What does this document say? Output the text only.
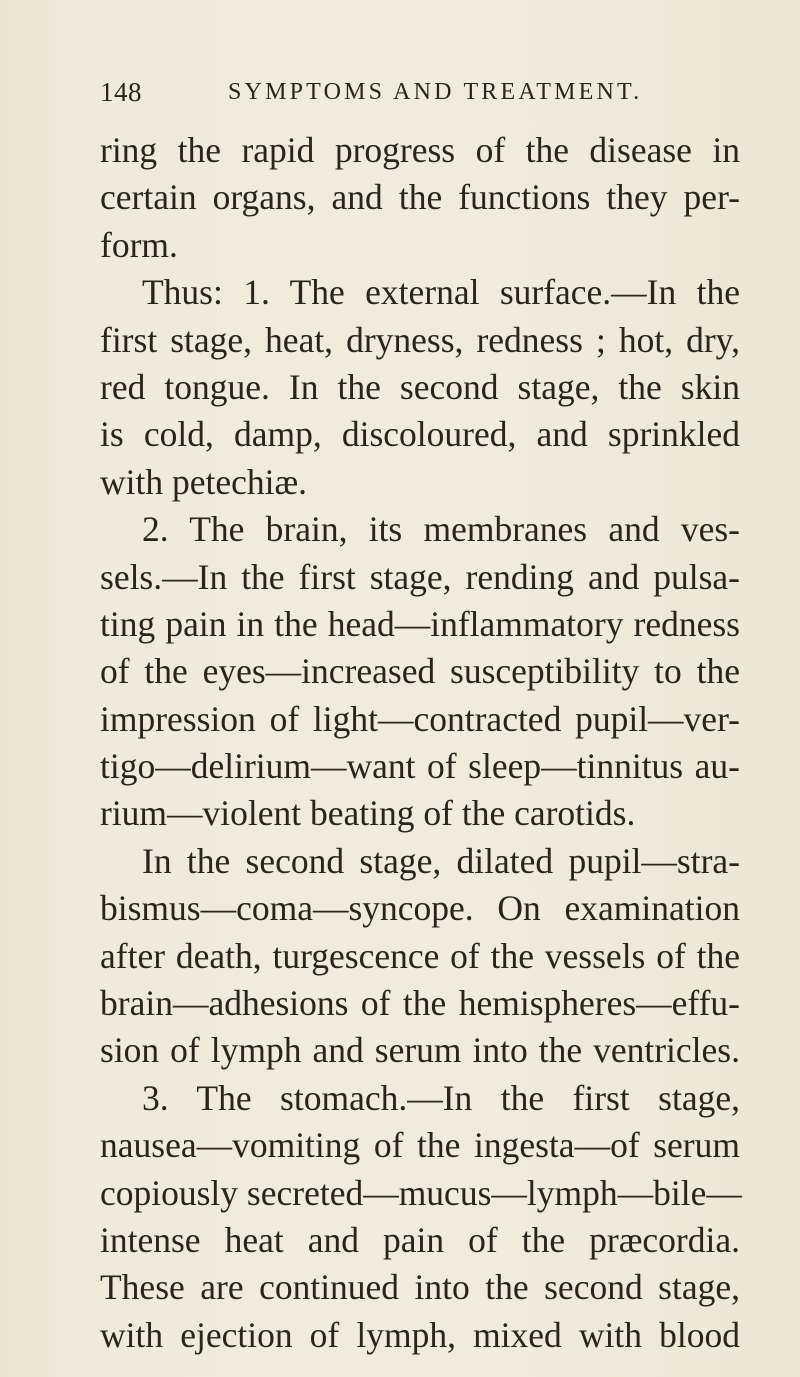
148	SYMPTOMS AND TREATMENT.
ring the rapid progress of the disease in
certain organs, and the functions they per-
form.
Thus: 1. The external surface.—In the
first stage, heat, dryness, redness ; hot, dry,
red tongue. In the second stage, the skin
is cold, damp, discoloured, and sprinkled
with petechiæ.
2. The brain, its membranes and ves-
sels.—In the first stage, rending and pulsa-
ting pain in the head—inflammatory redness
of the eyes—increased susceptibility to the
impression of light—contracted pupil—ver-
tigo—delirium—want of sleep—tinnitus au-
rium—violent beating of the carotids.
In the second stage, dilated pupil—stra-
bismus—coma—syncope. On examination
after death, turgescence of the vessels of the
brain—adhesions of the hemispheres—effu-
sion of lymph and serum into the ventricles.
3. The stomach.—In the first stage,
nausea—vomiting of the ingesta—of serum
copiously secreted—mucus—lymph—bile—
intense heat and pain of the præcordia.
These are continued into the second stage,
with ejection of lymph, mixed with blood
